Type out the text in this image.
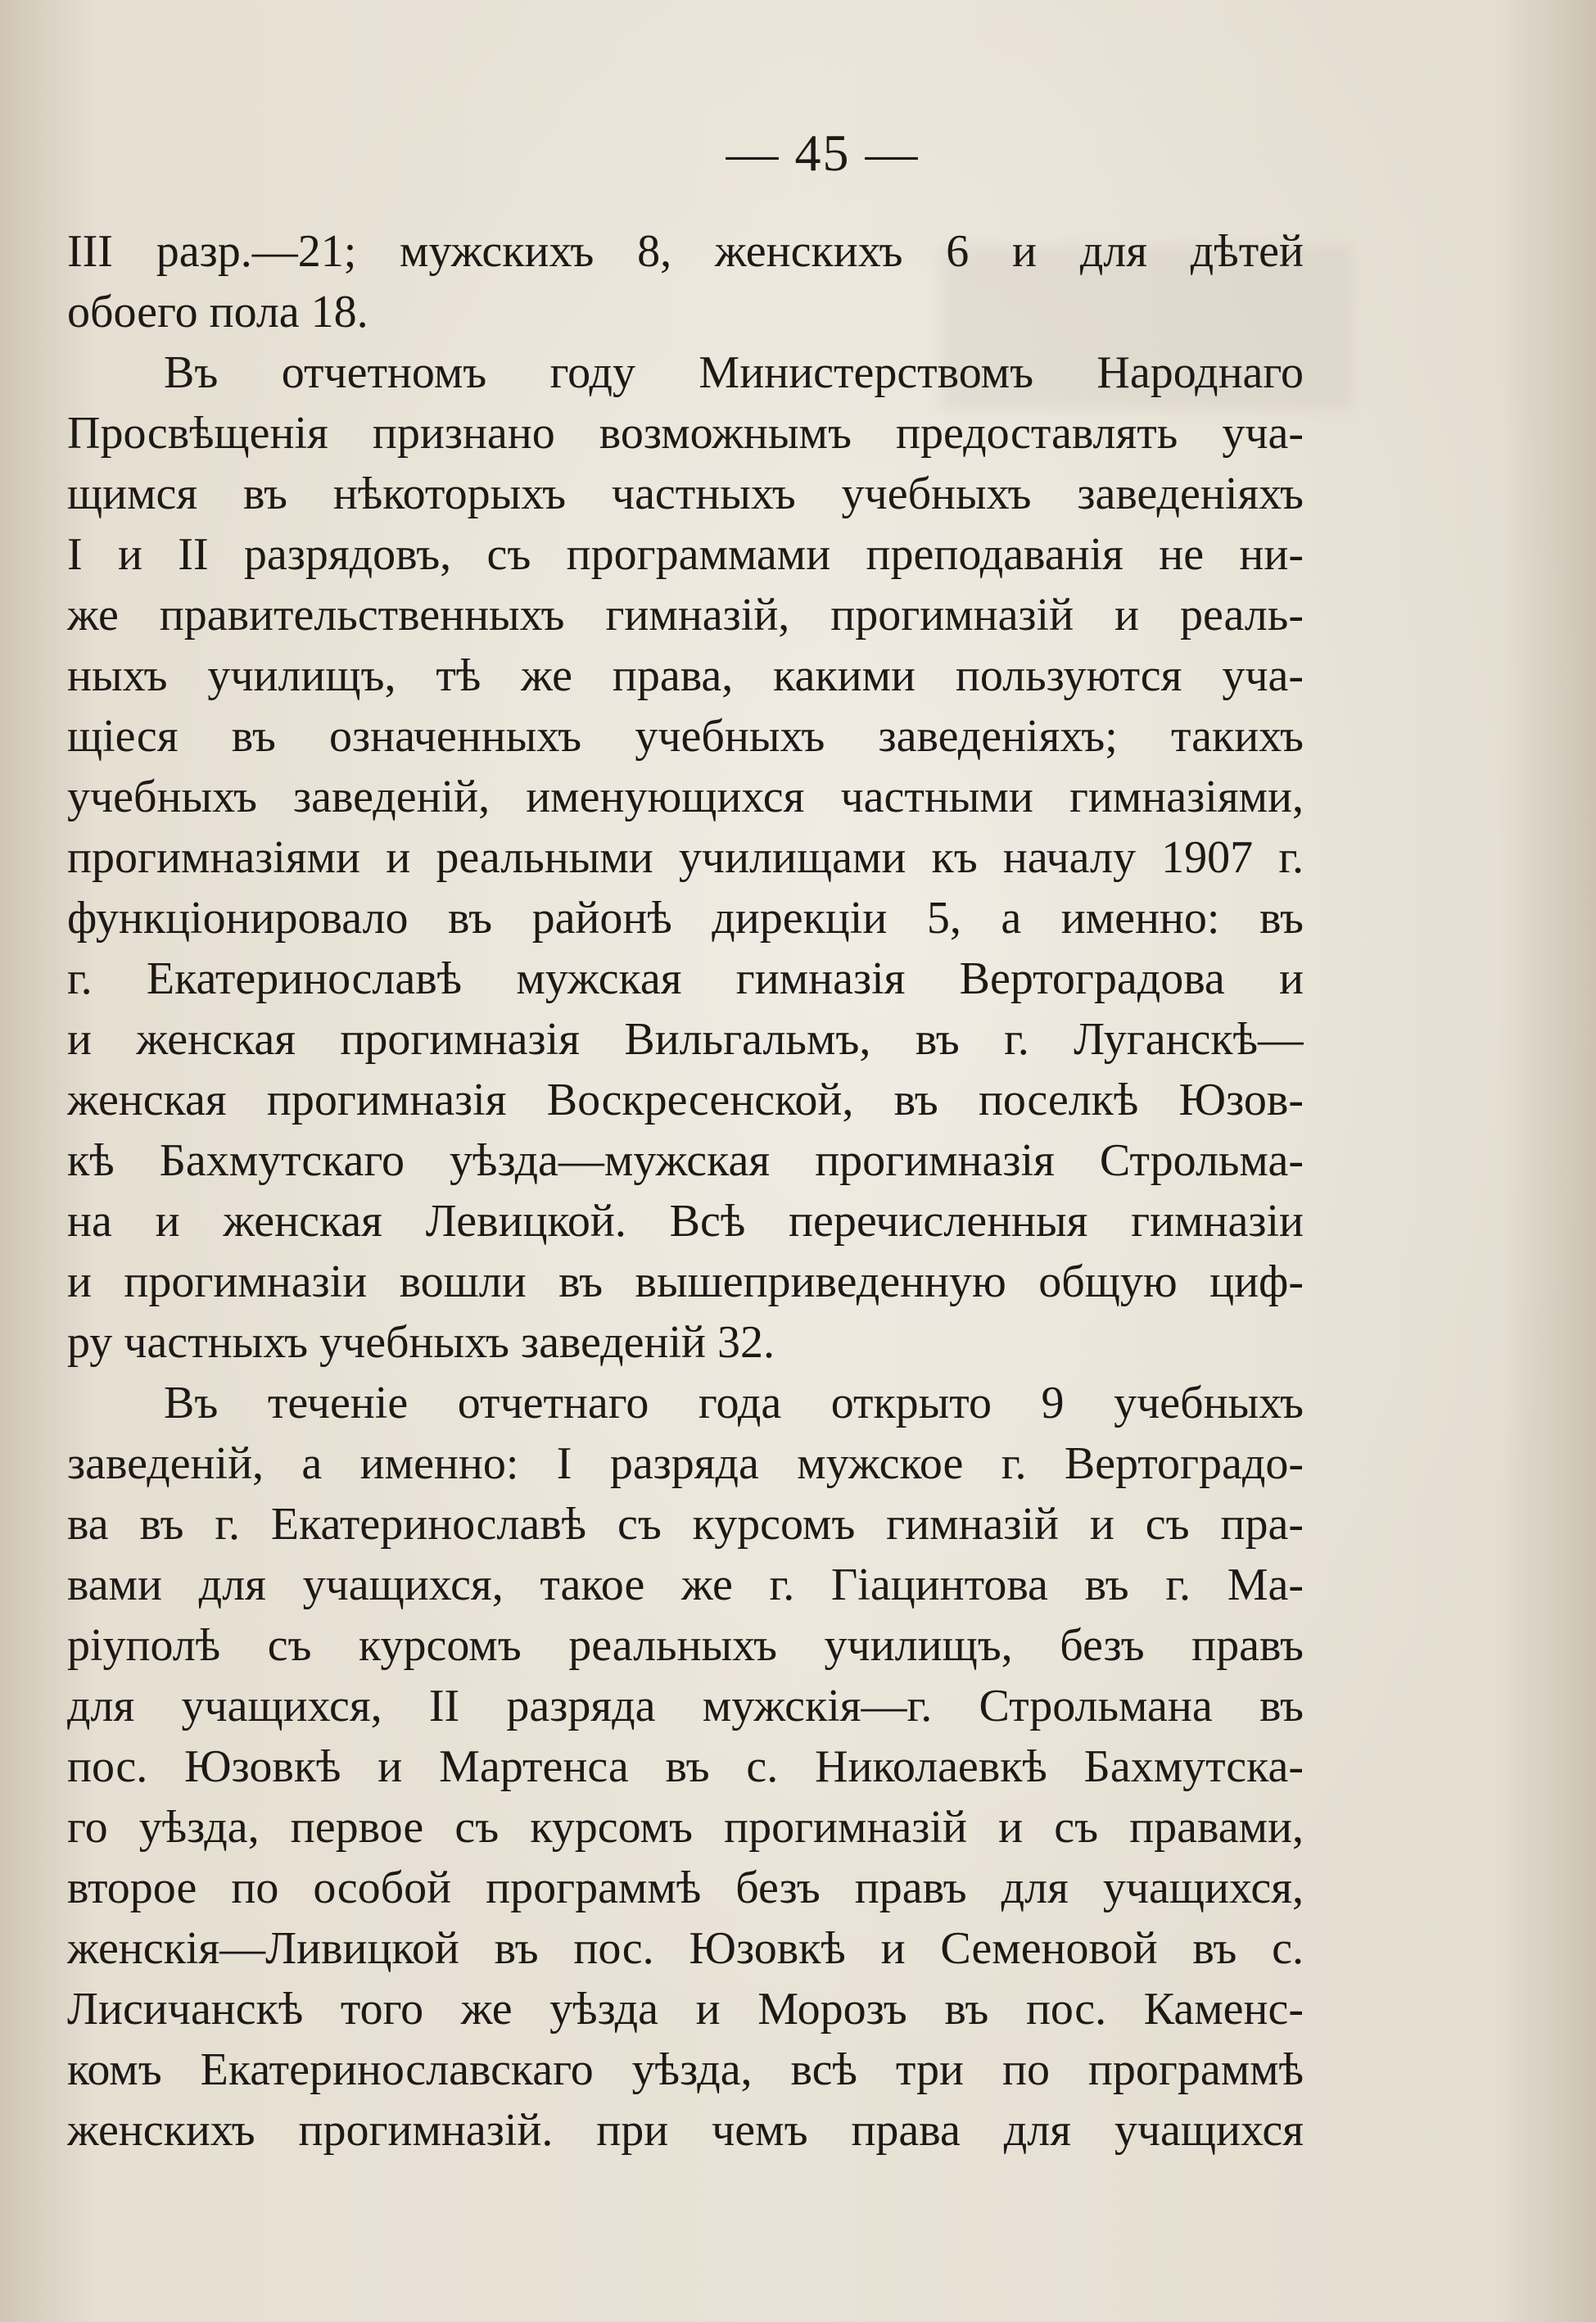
— 45 —
III разр.—21; мужскихъ 8, женскихъ 6 и для дѣтей
обоего пола 18.
Въ отчетномъ году Министерствомъ Народнаго
Просвѣщенія признано возможнымъ предоставлять уча-
щимся въ нѣкоторыхъ частныхъ учебныхъ заведеніяхъ
I и II разрядовъ, съ программами преподаванія не ни-
же правительственныхъ гимназій, прогимназій и реаль-
ныхъ училищъ, тѣ же права, какими пользуются уча-
щіеся въ означенныхъ учебныхъ заведеніяхъ; такихъ
учебныхъ заведеній, именующихся частными гимназіями,
прогимназіями и реальными училищами къ началу 1907 г.
функціонировало въ районѣ дирекціи 5, а именно: въ
г. Екатеринославѣ мужская гимназія Вертоградова и
и женская прогимназія Вильгальмъ, въ г. Луганскѣ—
женская прогимназія Воскресенской, въ поселкѣ Юзов-
кѣ Бахмутскаго уѣзда—мужская прогимназія Строльма-
на и женская Левицкой. Всѣ перечисленныя гимназіи
и прогимназіи вошли въ вышеприведенную общую циф-
ру частныхъ учебныхъ заведеній 32.
Въ теченіе отчетнаго года открыто 9 учебныхъ
заведеній, а именно: I разряда мужское г. Вертоградо-
ва въ г. Екатеринославѣ съ курсомъ гимназій и съ пра-
вами для учащихся, такое же г. Гіацинтова въ г. Ма-
ріуполѣ съ курсомъ реальныхъ училищъ, безъ правъ
для учащихся, II разряда мужскія—г. Строльмана въ
пос. Юзовкѣ и Мартенса въ с. Николаевкѣ Бахмутска-
го уѣзда, первое съ курсомъ прогимназій и съ правами,
второе по особой программѣ безъ правъ для учащихся,
женскія—Ливицкой въ пос. Юзовкѣ и Семеновой въ с.
Лисичанскѣ того же уѣзда и Морозъ въ пос. Каменс-
комъ Екатеринославскаго уѣзда, всѣ три по программѣ
женскихъ прогимназій. при чемъ права для учащихся
